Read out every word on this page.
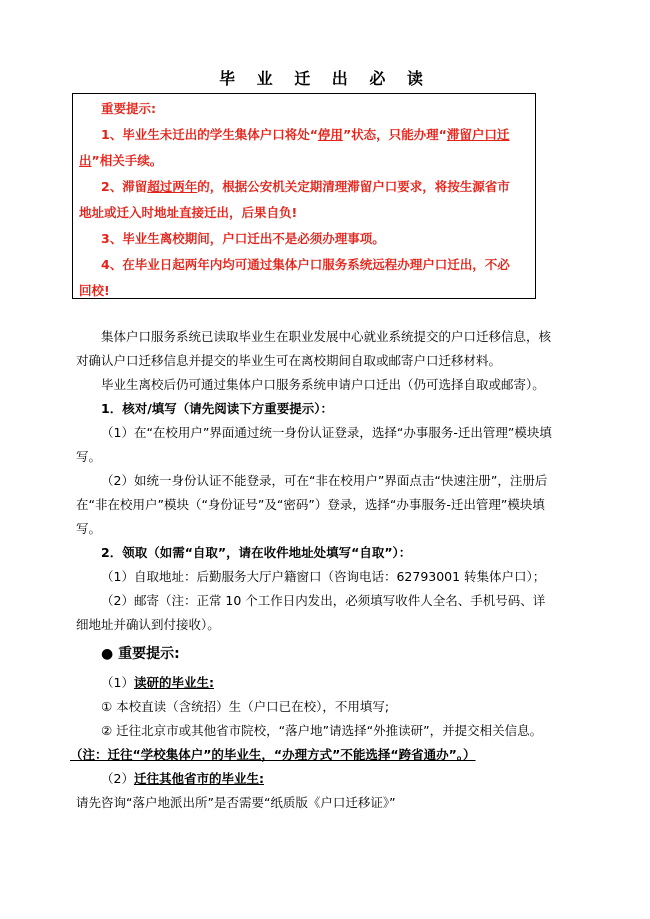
毕 业 迁 出 必 读

重要提示:

1、毕业生未迁出的学生集体户口将处“停用”状态，只能办理“滞留户口迁

出”相关手续。

2、滞留超过两年的，根据公安机关定期清理滞留户口要求，将按生源省市

地址或迁入时地址直接迁出，后果自负!

3、毕业生离校期间，户口迁出不是必须办理事项。

4、在毕业日起两年内均可通过集体户口服务系统远程办理户口迁出，不必

回校!

集体户口服务系统已读取毕业生在职业发展中心就业系统提交的户口迁移信息，核

对确认户口迁移信息并提交的毕业生可在离校期间自取或邮寄户口迁移材料。

毕业生离校后仍可通过集体户口服务系统申请户口迁出（仍可选择自取或邮寄）。

1．核对/填写（请先阅读下方重要提示）：

（1）在“在校用户”界面通过统一身份认证登录，选择“办事服务-迁出管理”模块填

写。

（2）如统一身份认证不能登录，可在“非在校用户”界面点击“快速注册”，注册后

在“非在校用户”模块（“身份证号”及“密码”）登录，选择“办事服务-迁出管理”模块填

写。

2．领取（如需“自取”，请在收件地址处填写“自取”）：

（1）自取地址：后勤服务大厅户籍窗口（咨询电话：62793001 转集体户口）；

（2）邮寄（注：正常 10 个工作日内发出，必须填写收件人全名、手机号码、详

细地址并确认到付接收）。

● 重要提示:

（1）读研的毕业生:

① 本校直读（含统招）生（户口已在校），不用填写;

② 迁往北京市或其他省市院校，“落户地”请选择“外推读研”，并提交相关信息。

（注：迁往“学校集体户”的毕业生，“办理方式”不能选择“跨省通办”。）

（2）迁往其他省市的毕业生:

请先咨询“落户地派出所”是否需要“纸质版《户口迁移证》”
